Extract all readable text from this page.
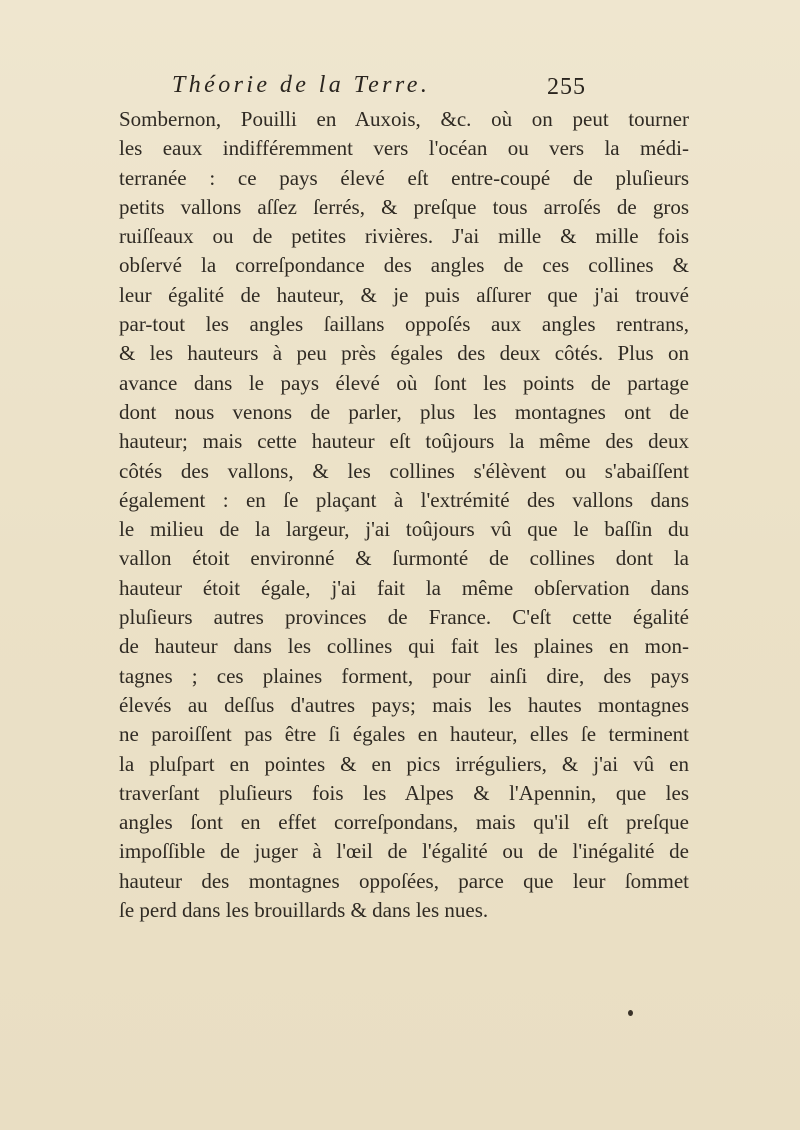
Théorie de la Terre.	255
Sombernon, Pouilli en Auxois, &c. où on peut tourner
les eaux indifféremment vers l'océan ou vers la médi-
terranée : ce pays élevé eſt entre-coupé de pluſieurs
petits vallons aſſez ſerrés, & preſque tous arroſés de gros
ruiſſeaux ou de petites rivières. J'ai mille & mille fois
obſervé la correſpondance des angles de ces collines &
leur égalité de hauteur, & je puis aſſurer que j'ai trouvé
par-tout les angles ſaillans oppoſés aux angles rentrans,
& les hauteurs à peu près égales des deux côtés. Plus on
avance dans le pays élevé où ſont les points de partage
dont nous venons de parler, plus les montagnes ont de
hauteur; mais cette hauteur eſt toûjours la même des deux
côtés des vallons, & les collines s'élèvent ou s'abaiſſent
également : en ſe plaçant à l'extrémité des vallons dans
le milieu de la largeur, j'ai toûjours vû que le baſſin du
vallon étoit environné & ſurmonté de collines dont la
hauteur étoit égale, j'ai fait la même obſervation dans
pluſieurs autres provinces de France. C'eſt cette égalité
de hauteur dans les collines qui fait les plaines en mon-
tagnes ; ces plaines forment, pour ainſi dire, des pays
élevés au deſſus d'autres pays; mais les hautes montagnes
ne paroiſſent pas être ſi égales en hauteur, elles ſe terminent
la pluſpart en pointes & en pics irréguliers, & j'ai vû en
traverſant pluſieurs fois les Alpes & l'Apennin, que les
angles ſont en effet correſpondans, mais qu'il eſt preſque
impoſſible de juger à l'œil de l'égalité ou de l'inégalité de
hauteur des montagnes oppoſées, parce que leur ſommet
ſe perd dans les brouillards & dans les nues.
